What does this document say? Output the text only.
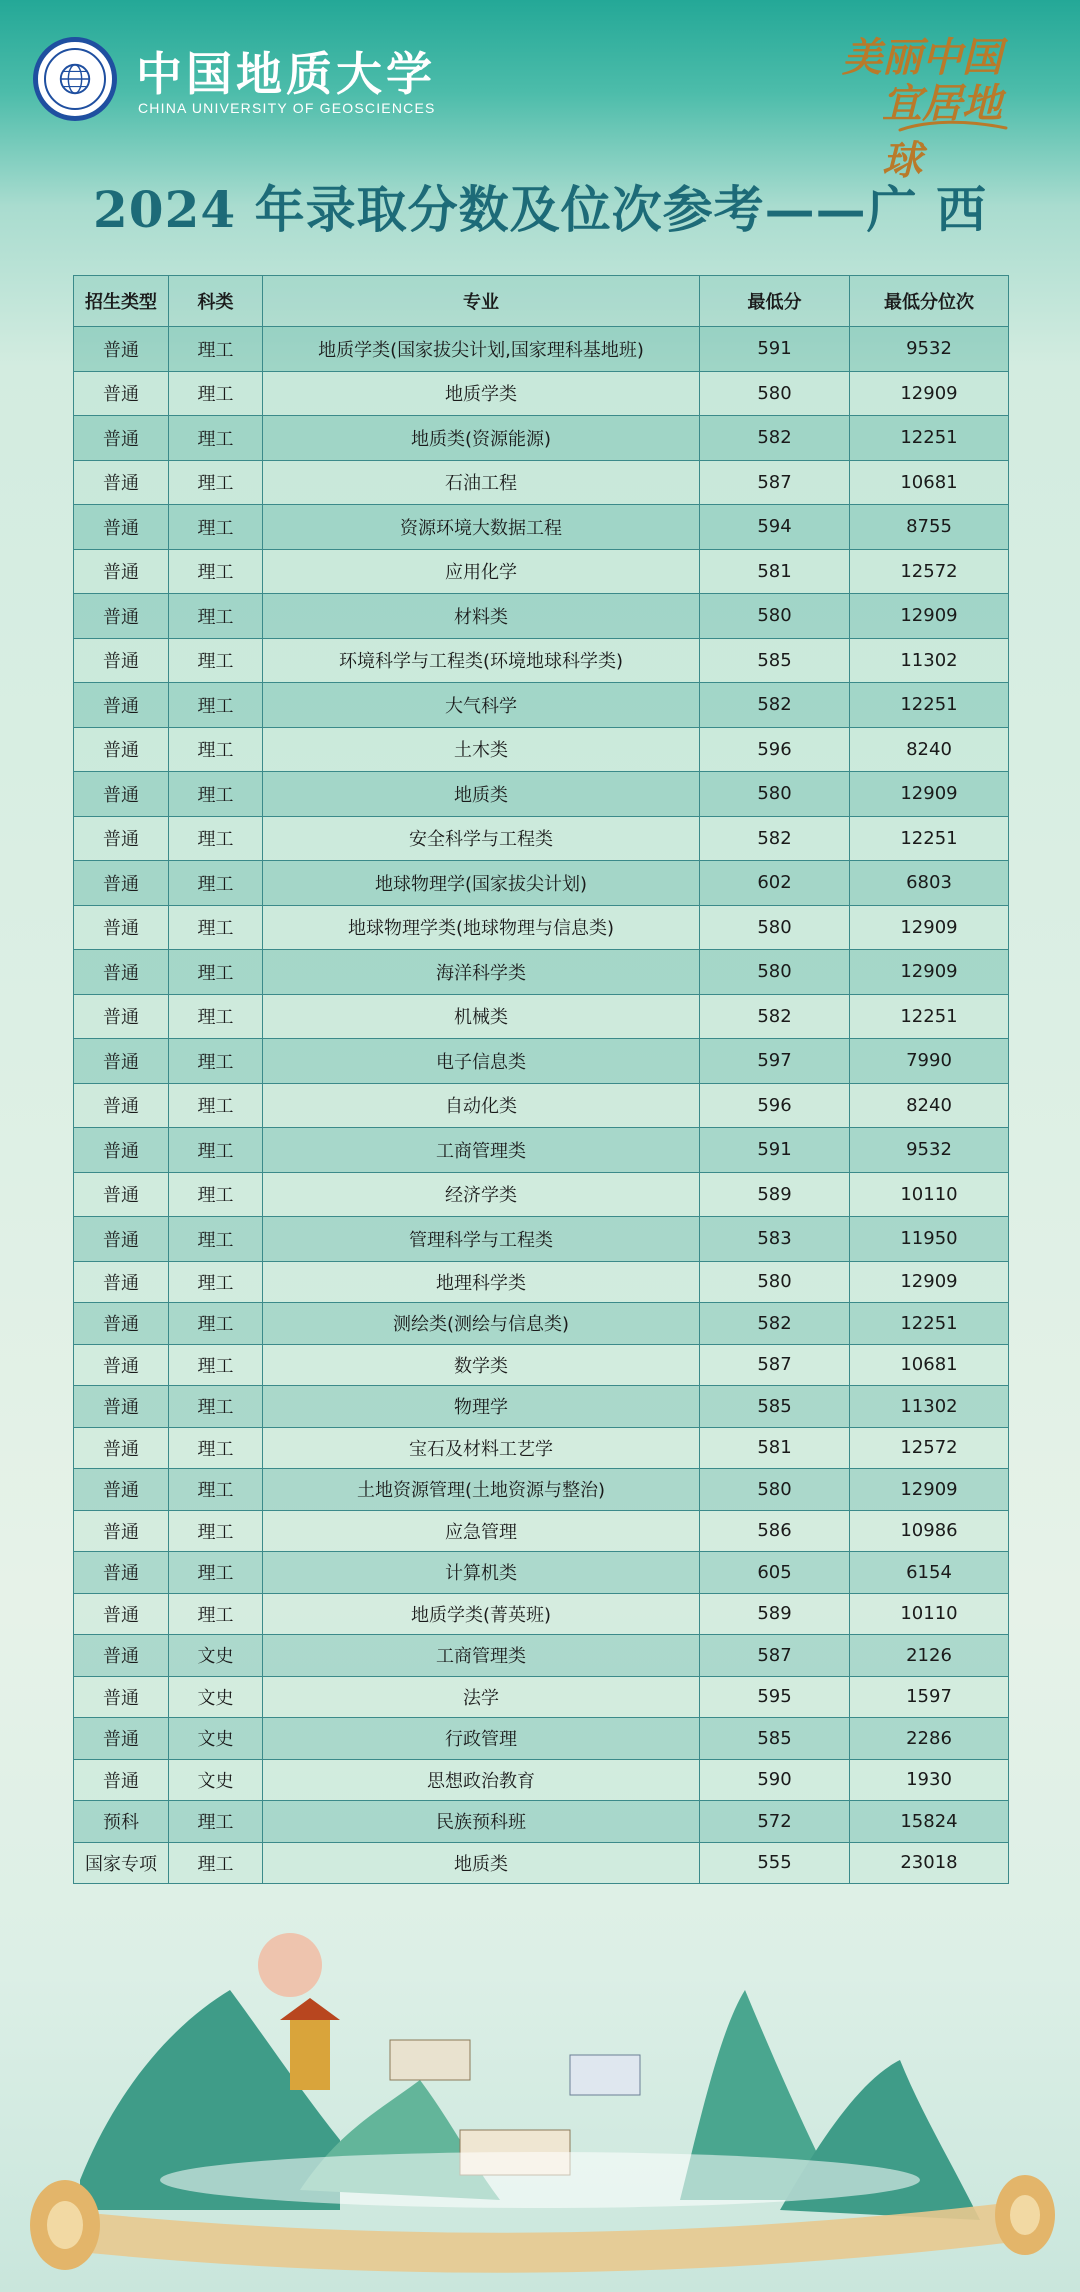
中国地质大学
CHINA UNIVERSITY OF GEOSCIENCES
美丽中国
宜居地球
2024 年录取分数及位次参考——广 西
招生类型	科类	专业	最低分	最低分位次
普通	理工	地质学类(国家拔尖计划,国家理科基地班)	591	9532
普通	理工	地质学类	580	12909
普通	理工	地质类(资源能源)	582	12251
普通	理工	石油工程	587	10681
普通	理工	资源环境大数据工程	594	8755
普通	理工	应用化学	581	12572
普通	理工	材料类	580	12909
普通	理工	环境科学与工程类(环境地球科学类)	585	11302
普通	理工	大气科学	582	12251
普通	理工	土木类	596	8240
普通	理工	地质类	580	12909
普通	理工	安全科学与工程类	582	12251
普通	理工	地球物理学(国家拔尖计划)	602	6803
普通	理工	地球物理学类(地球物理与信息类)	580	12909
普通	理工	海洋科学类	580	12909
普通	理工	机械类	582	12251
普通	理工	电子信息类	597	7990
普通	理工	自动化类	596	8240
普通	理工	工商管理类	591	9532
普通	理工	经济学类	589	10110
普通	理工	管理科学与工程类	583	11950
普通	理工	地理科学类	580	12909
普通	理工	测绘类(测绘与信息类)	582	12251
普通	理工	数学类	587	10681
普通	理工	物理学	585	11302
普通	理工	宝石及材料工艺学	581	12572
普通	理工	土地资源管理(土地资源与整治)	580	12909
普通	理工	应急管理	586	10986
普通	理工	计算机类	605	6154
普通	理工	地质学类(菁英班)	589	10110
普通	文史	工商管理类	587	2126
普通	文史	法学	595	1597
普通	文史	行政管理	585	2286
普通	文史	思想政治教育	590	1930
预科	理工	民族预科班	572	15824
国家专项	理工	地质类	555	23018
